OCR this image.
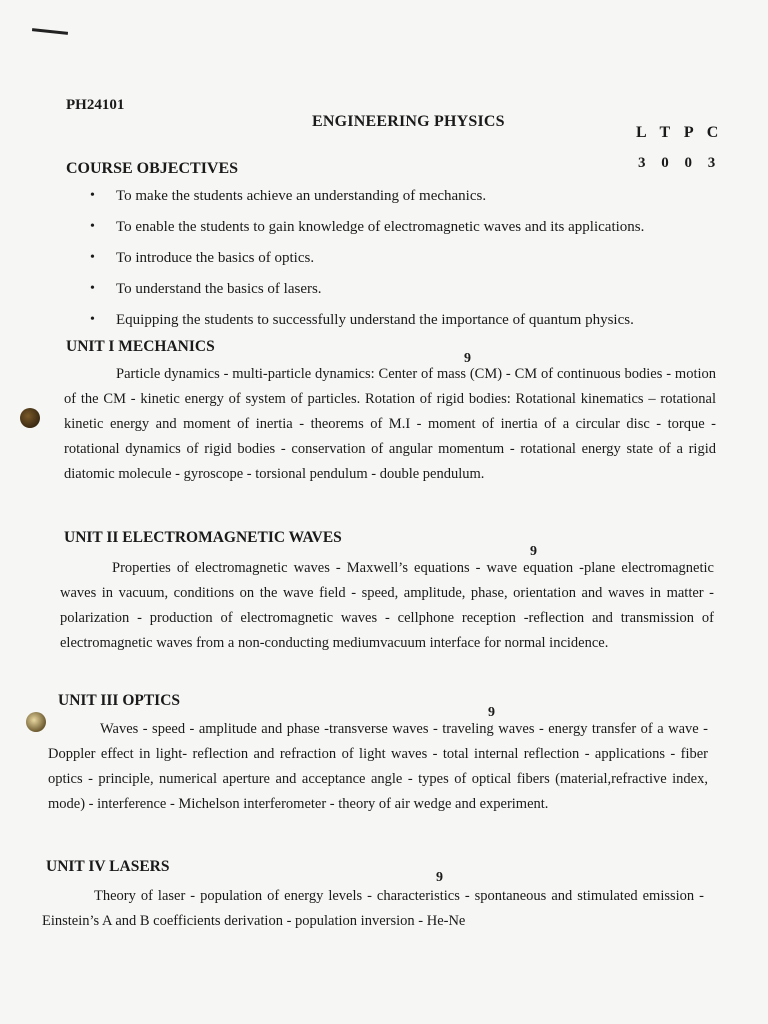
PH24101
ENGINEERING PHYSICS
L T P C
3 0 0 3
COURSE OBJECTIVES
•	To make the students achieve an understanding of mechanics.
•	To enable the students to gain knowledge of electromagnetic waves and its applications.
•	To introduce the basics of optics.
•	To understand the basics of lasers.
•	Equipping the students to successfully understand the importance of quantum physics.
UNIT I MECHANICS
9
Particle dynamics - multi-particle dynamics: Center of mass (CM) - CM of continuous bodies - motion of the CM - kinetic energy of system of particles. Rotation of rigid bodies: Rotational kinematics – rotational kinetic energy and moment of inertia - theorems of M.I - moment of inertia of a circular disc - torque - rotational dynamics of rigid bodies - conservation of angular momentum - rotational energy state of a rigid diatomic molecule - gyroscope - torsional pendulum - double pendulum.
UNIT II ELECTROMAGNETIC WAVES
9
Properties of electromagnetic waves - Maxwell’s equations - wave equation -plane electromagnetic waves in vacuum, conditions on the wave field - speed, amplitude, phase, orientation and waves in matter - polarization - production of electromagnetic waves - cellphone reception -reflection and transmission of electromagnetic waves from a non-conducting mediumvacuum interface for normal incidence.
UNIT III OPTICS
9
Waves - speed - amplitude and phase -transverse waves - traveling waves - energy transfer of a wave - Doppler effect in light- reflection and refraction of light waves - total internal reflection - applications - fiber optics - principle, numerical aperture and acceptance angle - types of optical fibers (material,refractive index, mode) - interference - Michelson interferometer - theory of air wedge and experiment.
UNIT IV LASERS
9
Theory of laser - population of energy levels - characteristics - spontaneous and stimulated emission - Einstein’s A and B coefficients derivation - population inversion - He-Ne
